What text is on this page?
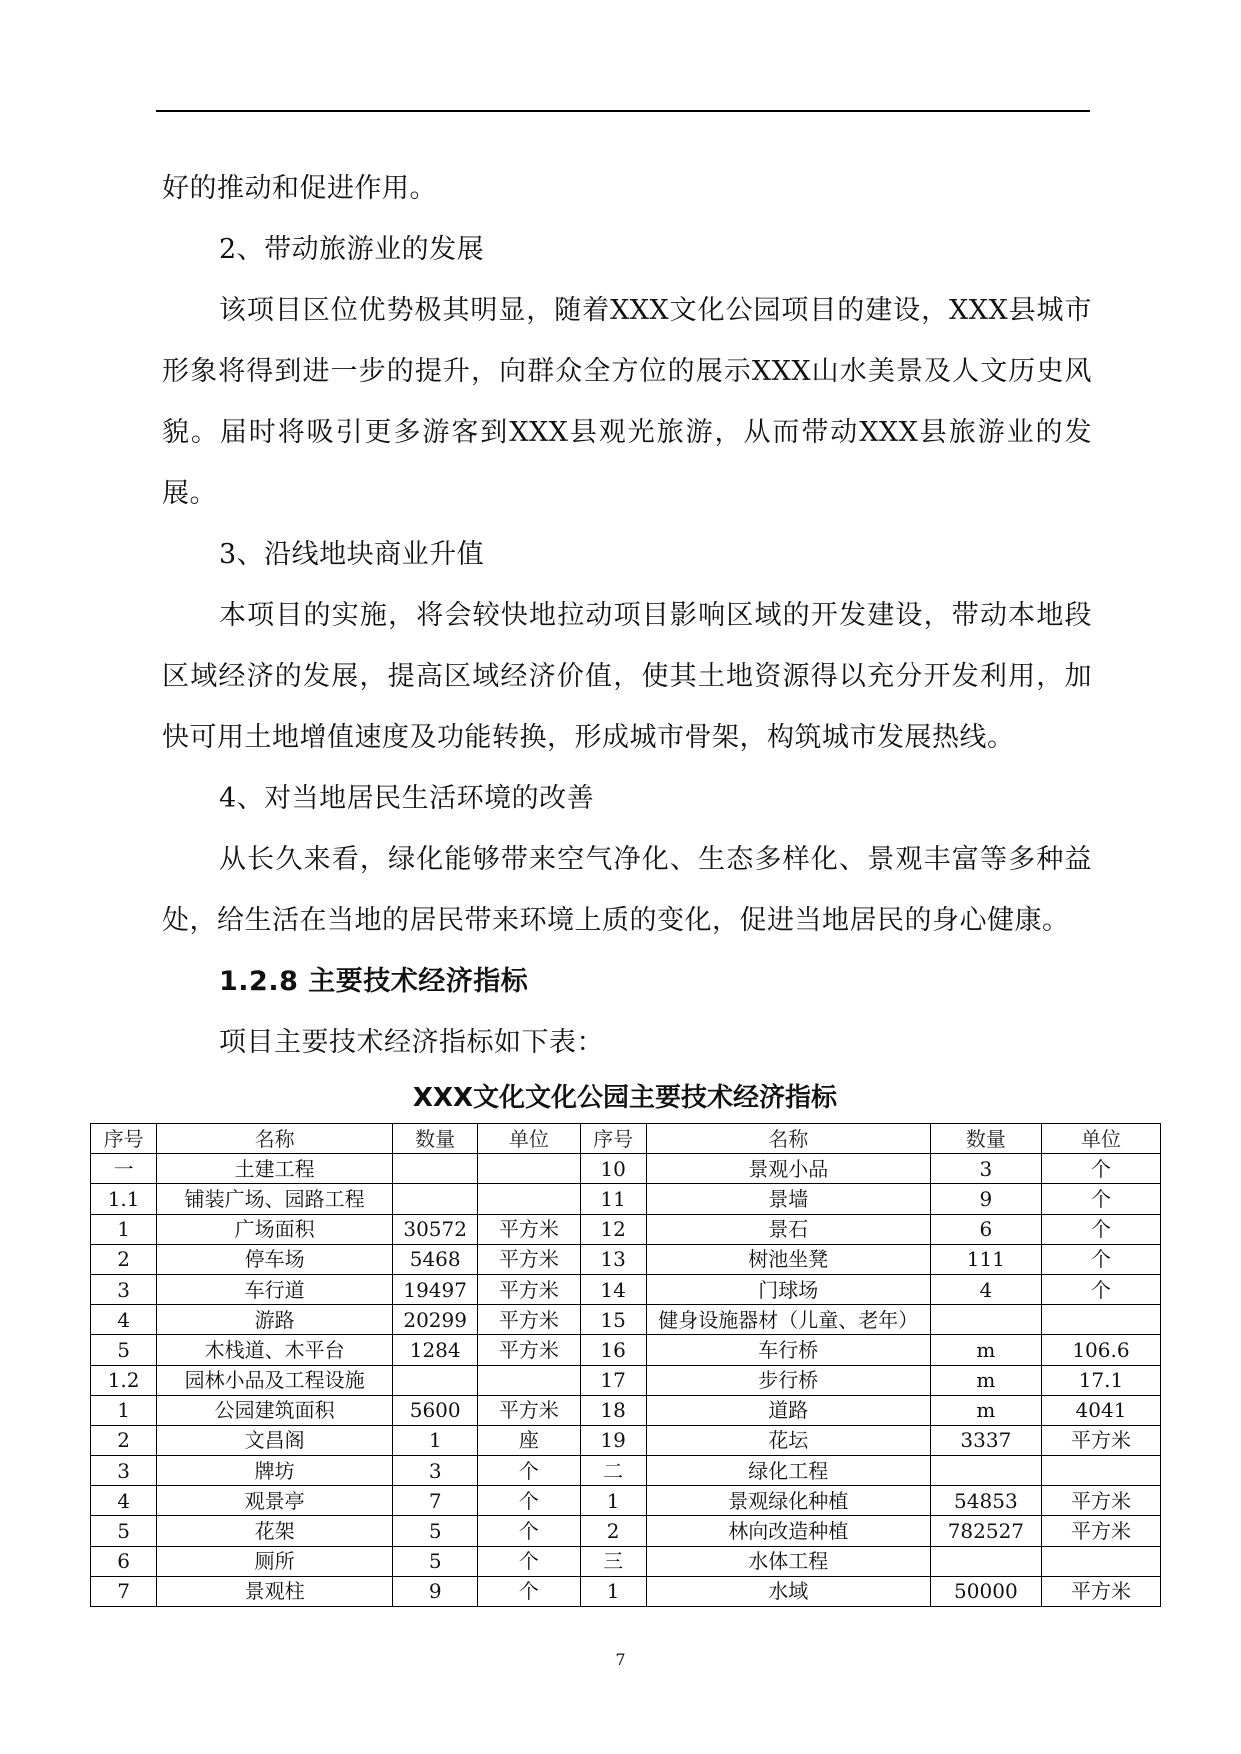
好的推动和促进作用。

2、带动旅游业的发展

该项目区位优势极其明显，随着XXX文化公园项目的建设，XXX县城市形象将得到进一步的提升，向群众全方位的展示XXX山水美景及人文历史风貌。届时将吸引更多游客到XXX县观光旅游，从而带动XXX县旅游业的发展。

3、沿线地块商业升值

本项目的实施，将会较快地拉动项目影响区域的开发建设，带动本地段区域经济的发展，提高区域经济价值，使其土地资源得以充分开发利用，加快可用土地增值速度及功能转换，形成城市骨架，构筑城市发展热线。

4、对当地居民生活环境的改善

从长久来看，绿化能够带来空气净化、生态多样化、景观丰富等多种益处，给生活在当地的居民带来环境上质的变化，促进当地居民的身心健康。

1.2.8 主要技术经济指标

项目主要技术经济指标如下表：

XXX文化文化公园主要技术经济指标
序号	名称	数量	单位	序号	名称	数量	单位
一	土建工程			10	景观小品	3	个
1.1	铺装广场、园路工程			11	景墙	9	个
1	广场面积	30572	平方米	12	景石	6	个
2	停车场	5468	平方米	13	树池坐凳	111	个
3	车行道	19497	平方米	14	门球场	4	个
4	游路	20299	平方米	15	健身设施器材（儿童、老年）		
5	木栈道、木平台	1284	平方米	16	车行桥	m	106.6
1.2	园林小品及工程设施			17	步行桥	m	17.1
1	公园建筑面积	5600	平方米	18	道路	m	4041
2	文昌阁	1	座	19	花坛	3337	平方米
3	牌坊	3	个	二	绿化工程		
4	观景亭	7	个	1	景观绿化种植	54853	平方米
5	花架	5	个	2	林向改造种植	782527	平方米
6	厕所	5	个	三	水体工程		
7	景观柱	9	个	1	水域	50000	平方米
7
